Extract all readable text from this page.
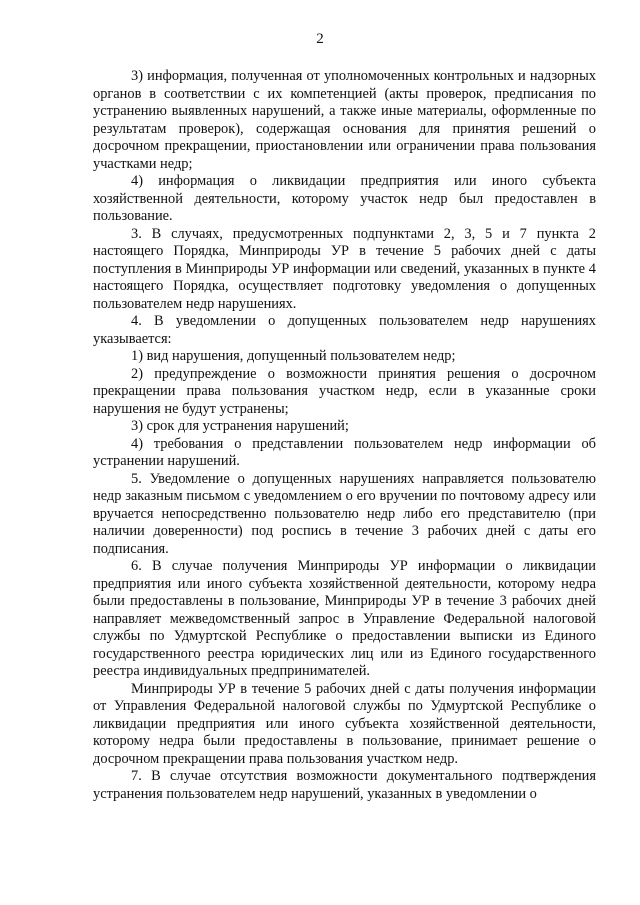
2

3) информация, полученная от уполномоченных контрольных и надзорных органов в соответствии с их компетенцией (акты проверок, предписания по устранению выявленных нарушений, а также иные материалы, оформленные по результатам проверок), содержащая основания для принятия решений о досрочном прекращении, приостановлении или ограничении права пользования участками недр;

4) информация о ликвидации предприятия или иного субъекта хозяйственной деятельности, которому участок недр был предоставлен в пользование.

3. В случаях, предусмотренных подпунктами 2, 3, 5 и 7 пункта 2 настоящего Порядка, Минприроды УР в течение 5 рабочих дней с даты поступления в Минприроды УР информации или сведений, указанных в пункте 4 настоящего Порядка, осуществляет подготовку уведомления о допущенных пользователем недр нарушениях.

4. В уведомлении о допущенных пользователем недр нарушениях указывается:

1) вид нарушения, допущенный пользователем недр;

2) предупреждение о возможности принятия решения о досрочном прекращении права пользования участком недр, если в указанные сроки нарушения не будут устранены;

3) срок для устранения нарушений;

4) требования о представлении пользователем недр информации об устранении нарушений.

5. Уведомление о допущенных нарушениях направляется пользователю недр заказным письмом с уведомлением о его вручении по почтовому адресу или вручается непосредственно пользователю недр либо его представителю (при наличии доверенности) под роспись в течение 3 рабочих дней с даты его подписания.

6. В случае получения Минприроды УР информации о ликвидации предприятия или иного субъекта хозяйственной деятельности, которому недра были предоставлены в пользование, Минприроды УР в течение 3 рабочих дней направляет межведомственный запрос в Управление Федеральной налоговой службы по Удмуртской Республике о предоставлении выписки из Единого государственного реестра юридических лиц или из Единого государственного реестра индивидуальных предпринимателей.

Минприроды УР в течение 5 рабочих дней с даты получения информации от Управления Федеральной налоговой службы по Удмуртской Республике о ликвидации предприятия или иного субъекта хозяйственной деятельности, которому недра были предоставлены в пользование, принимает решение о досрочном прекращении права пользования участком недр.

7. В случае отсутствия возможности документального подтверждения устранения пользователем недр нарушений, указанных в уведомлении о
